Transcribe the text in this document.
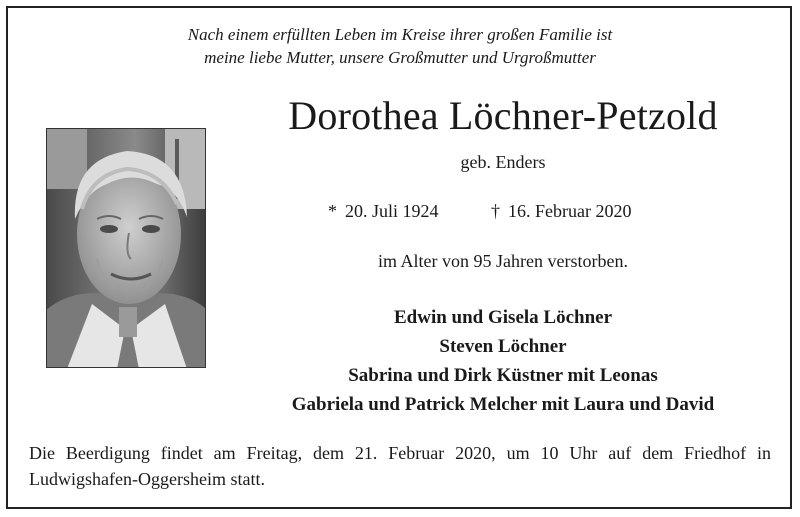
Nach einem erfüllten Leben im Kreise ihrer großen Familie ist
meine liebe Mutter, unsere Großmutter und Urgroßmutter
Dorothea Löchner-Petzold
geb. Enders
* 20. Juli 1924	† 16. Februar 2020
im Alter von 95 Jahren verstorben.
Edwin und Gisela Löchner
Steven Löchner
Sabrina und Dirk Küstner mit Leonas
Gabriela und Patrick Melcher mit Laura und David
Die Beerdigung findet am Freitag, dem 21. Februar 2020, um 10 Uhr auf dem Friedhof in Ludwigshafen-Oggersheim statt.
